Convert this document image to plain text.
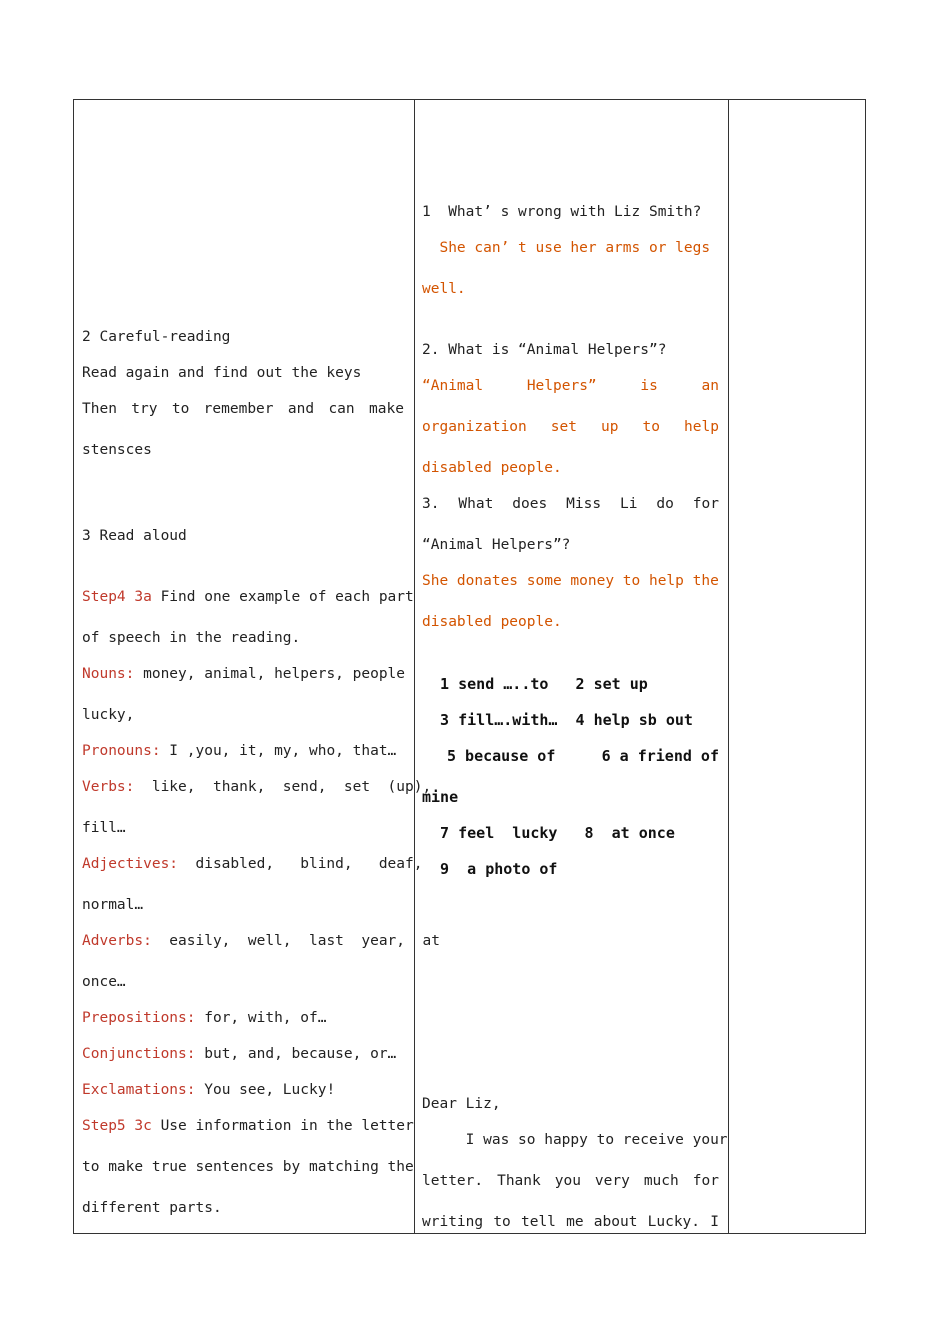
2 Careful-reading
Read again and find out the keys
Then try to remember and can make
stensces
3 Read aloud
Step4 3a Find one example of each part
of speech in the reading.
Nouns: money, animal, helpers, people
lucky,
Pronouns: I ,you, it, my, who, that…
Verbs:  like,  thank,  send,  set  (up),
fill…
Adjectives:  disabled,   blind,   deaf,
normal…
Adverbs:  easily,  well,  last  year,  at
once…
Prepositions: for, with, of…
Conjunctions: but, and, because, or…
Exclamations: You see, Lucky!
Step5 3c Use information in the letter
to make true sentences by matching the
different parts.
1  What’ s wrong with Liz Smith?
She can’ t use her arms or legs
well.
2. What is “Animal Helpers”?
“Animal	Helpers”	is	an
organization set up to help
disabled people.
3. What does Miss Li do for
“Animal Helpers”?
She donates some money to help the
disabled people.
1 send …..to   2 set up
3 fill….with…  4 help sb out
5 because of	6 a friend of
mine
7 feel  lucky   8  at once
9  a photo of
Dear Liz,
I was so happy to receive your
letter. Thank you very much for
writing to tell me about Lucky. I
